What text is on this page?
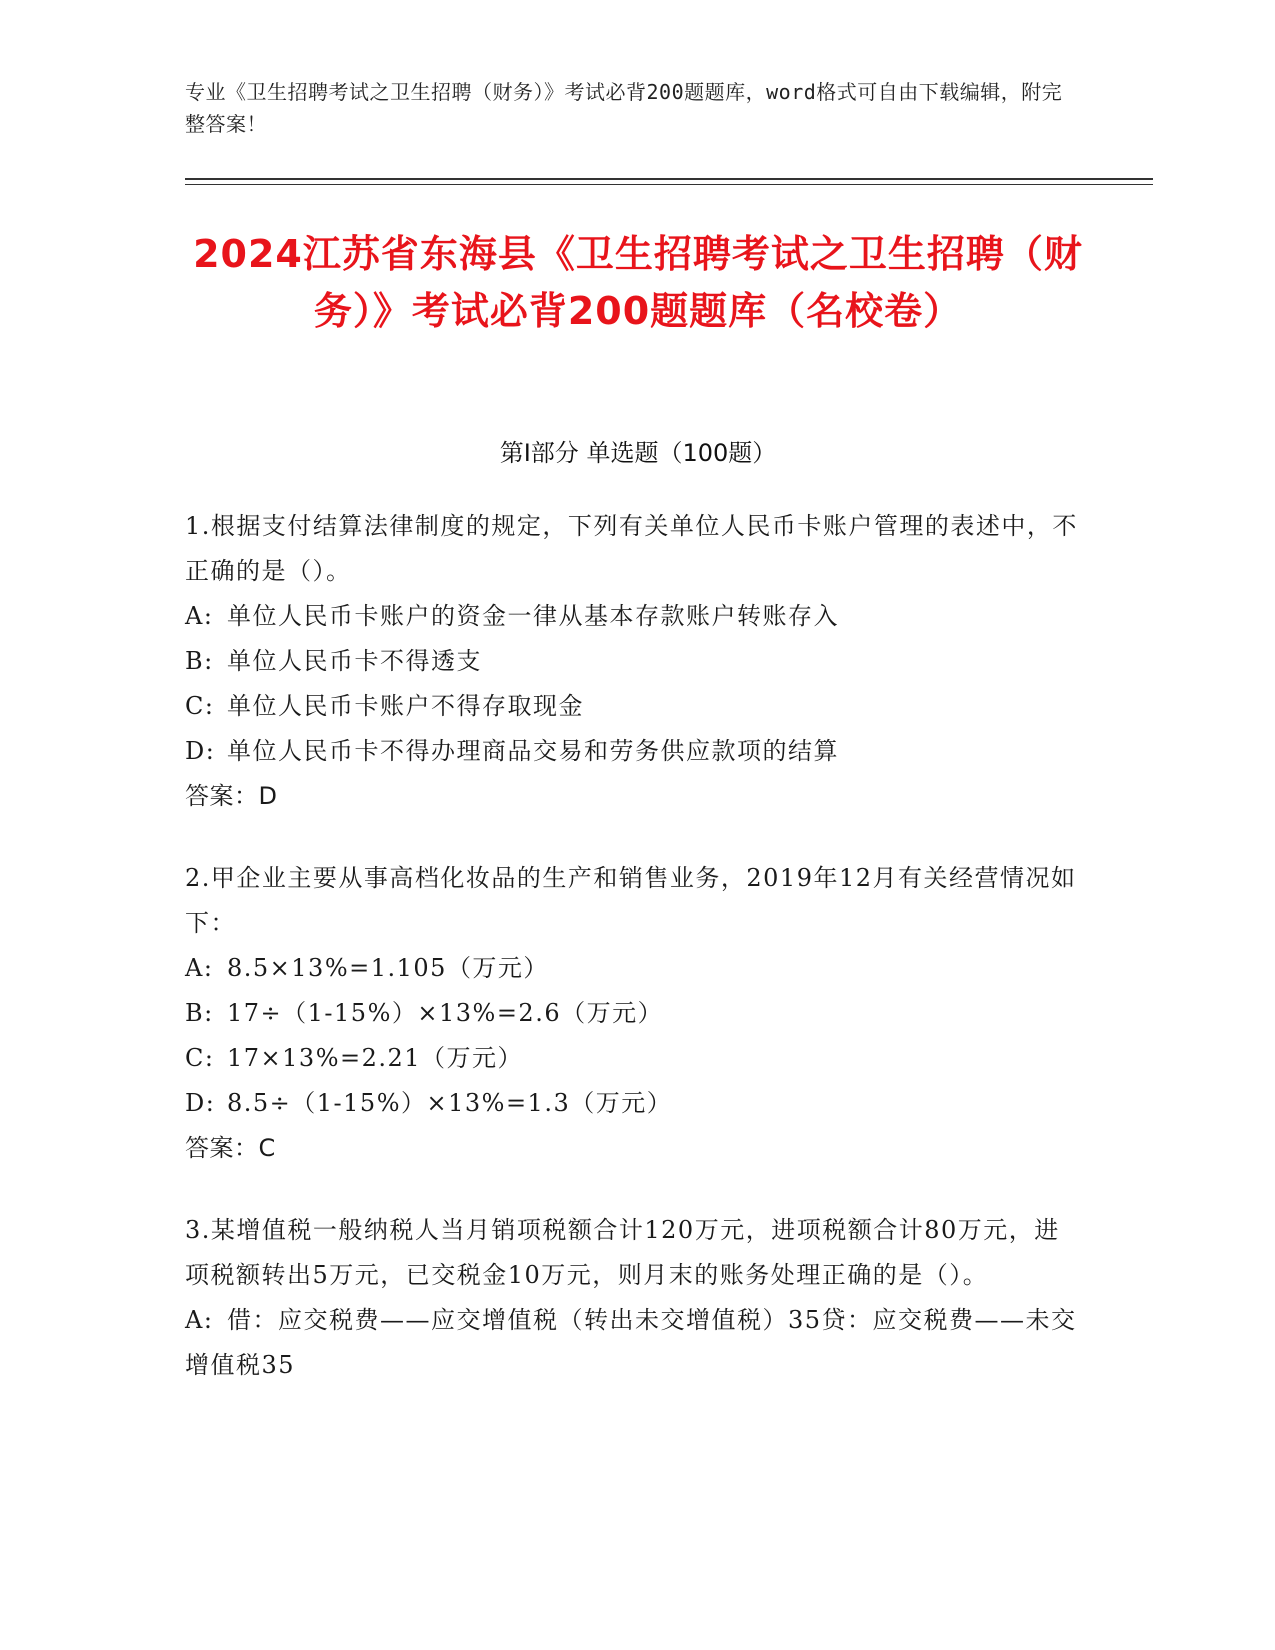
专业《卫生招聘考试之卫生招聘（财务）》考试必背200题题库，word格式可自由下载编辑，附完整答案！
2024江苏省东海县《卫生招聘考试之卫生招聘（财务）》考试必背200题题库（名校卷）
第Ⅰ部分 单选题（100题）

1.根据支付结算法律制度的规定，下列有关单位人民币卡账户管理的表述中，不正确的是（）。

A: 单位人民币卡账户的资金一律从基本存款账户转账存入

B: 单位人民币卡不得透支

C: 单位人民币卡账户不得存取现金

D: 单位人民币卡不得办理商品交易和劳务供应款项的结算

答案：D

2.甲企业主要从事高档化妆品的生产和销售业务，2019年12月有关经营情况如下：

A: 8.5×13%=1.105（万元）

B: 17÷（1-15%）×13%=2.6（万元）

C: 17×13%=2.21（万元）

D: 8.5÷（1-15%）×13%=1.3（万元）

答案：C

3.某增值税一般纳税人当月销项税额合计120万元，进项税额合计80万元，进项税额转出5万元，已交税金10万元，则月末的账务处理正确的是（）。

A: 借：应交税费——应交增值税（转出未交增值税）35贷：应交税费——未交增值税35
